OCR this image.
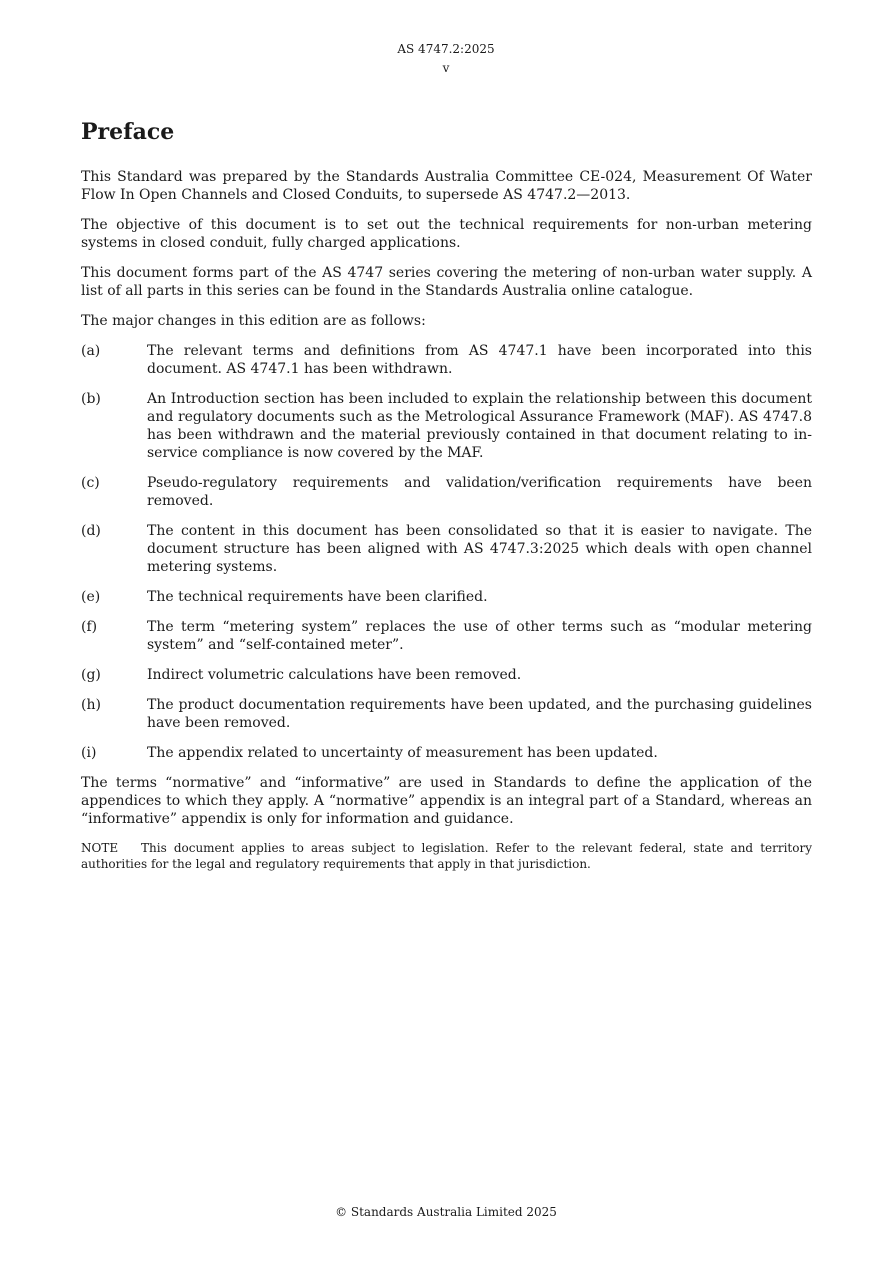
AS 4747.2:2025
v
Preface

This Standard was prepared by the Standards Australia Committee CE-024, Measurement Of Water Flow In Open Channels and Closed Conduits, to supersede AS 4747.2—2013.

The objective of this document is to set out the technical requirements for non-urban metering systems in closed conduit, fully charged applications.

This document forms part of the AS 4747 series covering the metering of non-urban water supply. A list of all parts in this series can be found in the Standards Australia online catalogue.

The major changes in this edition are as follows:

(a)	The relevant terms and definitions from AS 4747.1 have been incorporated into this document. AS 4747.1 has been withdrawn.
(b)	An Introduction section has been included to explain the relationship between this document and regulatory documents such as the Metrological Assurance Framework (MAF). AS 4747.8 has been withdrawn and the material previously contained in that document relating to in-service compliance is now covered by the MAF.
(c)	Pseudo-regulatory requirements and validation/verification requirements have been removed.
(d)	The content in this document has been consolidated so that it is easier to navigate. The document structure has been aligned with AS 4747.3:2025 which deals with open channel metering systems.
(e)	The technical requirements have been clarified.
(f)	The term “metering system” replaces the use of other terms such as “modular metering system” and “self-contained meter”.
(g)	Indirect volumetric calculations have been removed.
(h)	The product documentation requirements have been updated, and the purchasing guidelines have been removed.
(i)	The appendix related to uncertainty of measurement has been updated.

The terms “normative” and “informative” are used in Standards to define the application of the appendices to which they apply. A “normative” appendix is an integral part of a Standard, whereas an “informative” appendix is only for information and guidance.

NOTE This document applies to areas subject to legislation. Refer to the relevant federal, state and territory authorities for the legal and regulatory requirements that apply in that jurisdiction.

© Standards Australia Limited 2025
